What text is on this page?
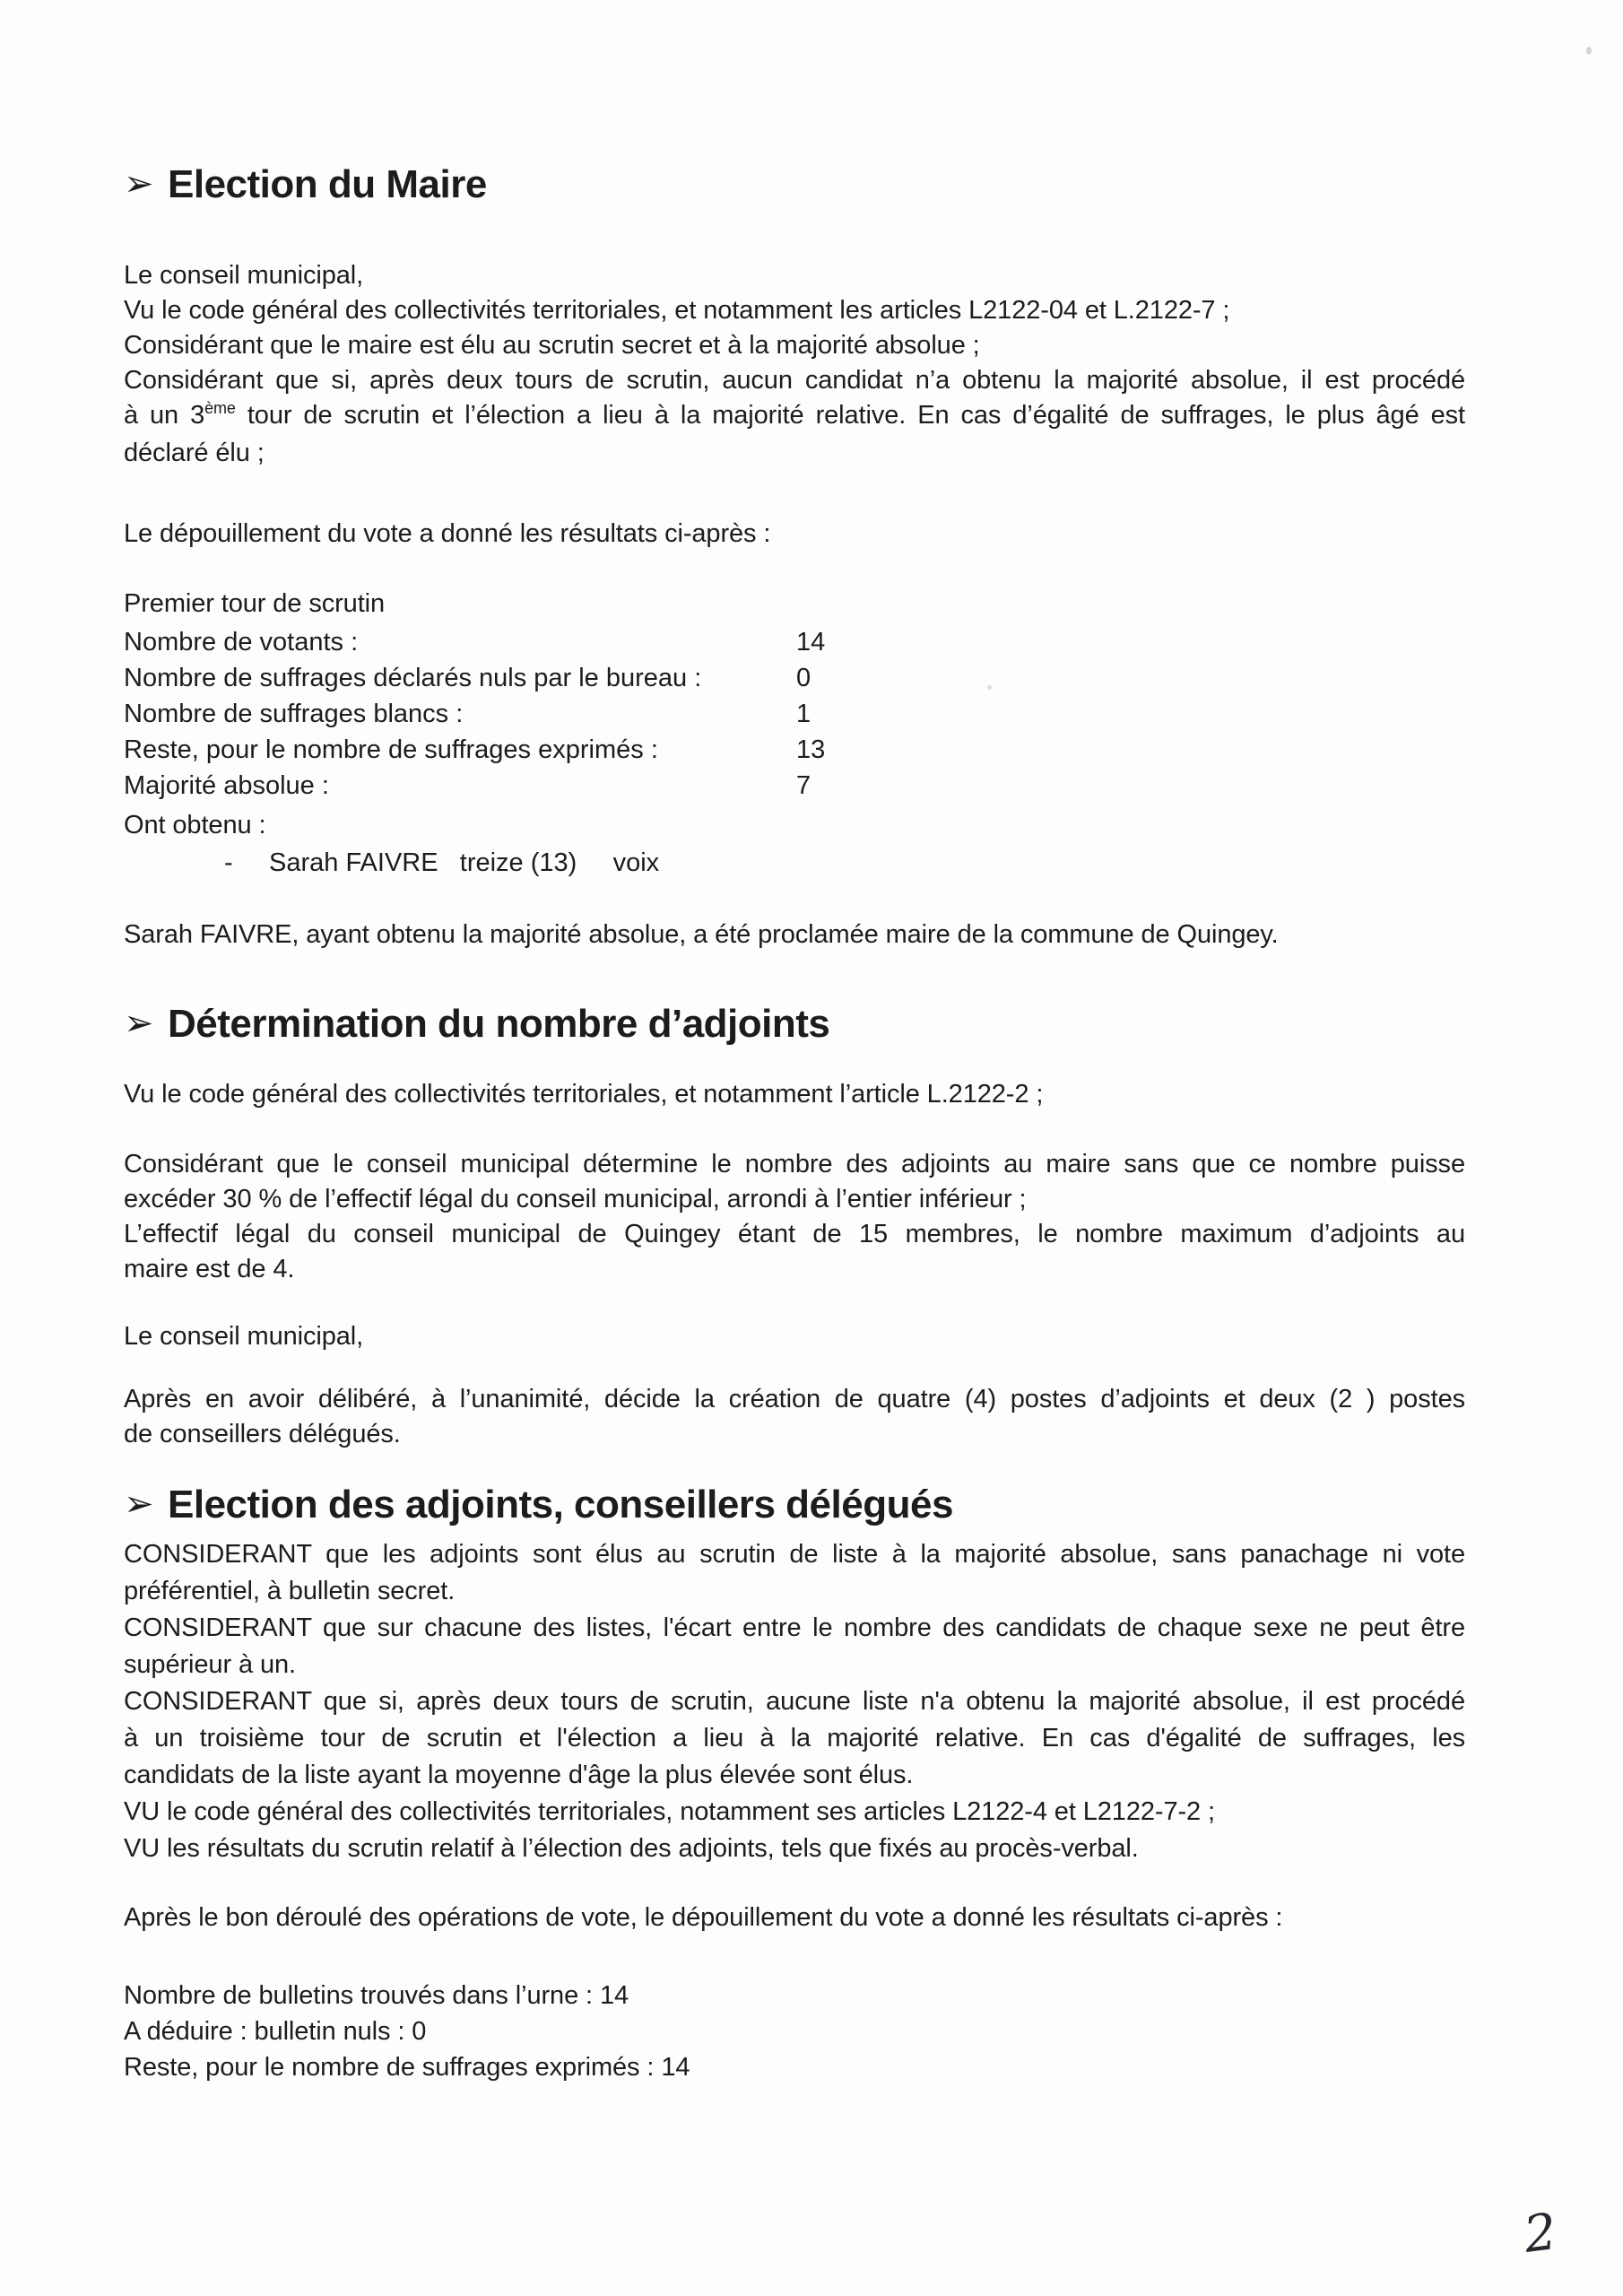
➢ Election du Maire
Le conseil municipal,
Vu le code général des collectivités territoriales, et notamment les articles L2122-04 et L.2122-7 ;
Considérant que le maire est élu au scrutin secret et à la majorité absolue ;
Considérant que si, après deux tours de scrutin, aucun candidat n’a obtenu la majorité absolue, il est procédé
à un 3ème tour de scrutin et l’élection a lieu à la majorité relative. En cas d’égalité de suffrages, le plus âgé est
déclaré élu ;
Le dépouillement du vote a donné les résultats ci-après :
Premier tour de scrutin
Nombre de votants :	14
Nombre de suffrages déclarés nuls par le bureau :	0
Nombre de suffrages blancs :	1
Reste, pour le nombre de suffrages exprimés :	13
Majorité absolue :	7
Ont obtenu :
- Sarah FAIVRE   treize (13)     voix
Sarah FAIVRE, ayant obtenu la majorité absolue, a été proclamée maire de la commune de Quingey.
➢ Détermination du nombre d’adjoints
Vu le code général des collectivités territoriales, et notamment l’article L.2122-2 ;
Considérant que le conseil municipal détermine le nombre des adjoints au maire sans que ce nombre puisse
excéder 30 % de l’effectif légal du conseil municipal, arrondi à l’entier inférieur ;
L’effectif légal du conseil municipal de Quingey étant de 15 membres, le nombre maximum d’adjoints au
maire est de 4.
Le conseil municipal,
Après en avoir délibéré, à l’unanimité, décide la création de quatre (4) postes d’adjoints et deux (2 ) postes
de conseillers délégués.
➢ Election des adjoints, conseillers délégués
CONSIDERANT que les adjoints sont élus au scrutin de liste à la majorité absolue, sans panachage ni vote
préférentiel, à bulletin secret.
CONSIDERANT que sur chacune des listes, l'écart entre le nombre des candidats de chaque sexe ne peut être
supérieur à un.
CONSIDERANT que si, après deux tours de scrutin, aucune liste n'a obtenu la majorité absolue, il est procédé
à un troisième tour de scrutin et l'élection a lieu à la majorité relative. En cas d'égalité de suffrages, les
candidats de la liste ayant la moyenne d'âge la plus élevée sont élus.
VU le code général des collectivités territoriales, notamment ses articles L2122-4 et L2122-7-2 ;
VU les résultats du scrutin relatif à l’élection des adjoints, tels que fixés au procès-verbal.
Après le bon déroulé des opérations de vote, le dépouillement du vote a donné les résultats ci-après :
Nombre de bulletins trouvés dans l’urne : 14
A déduire : bulletin nuls : 0
Reste, pour le nombre de suffrages exprimés : 14
2
